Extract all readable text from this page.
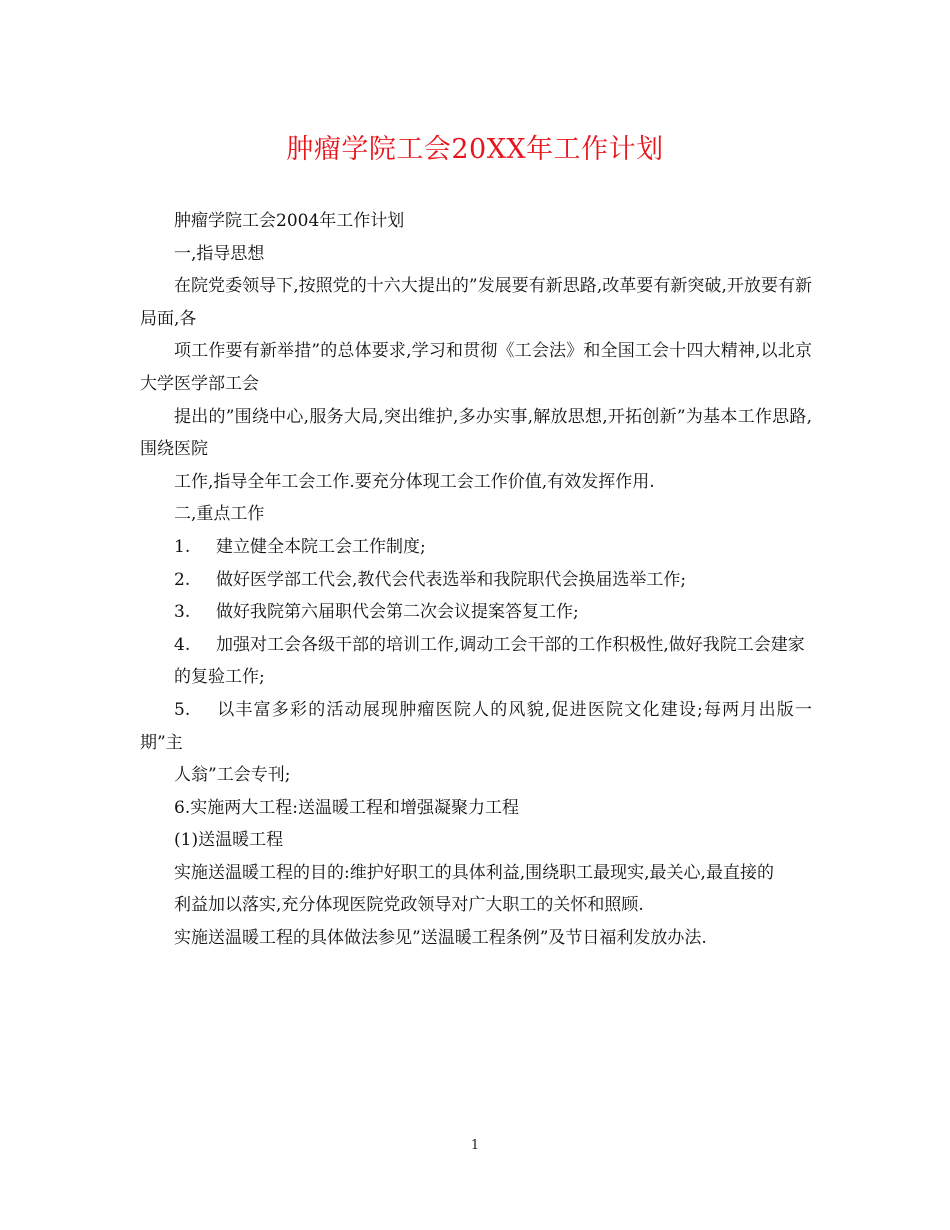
肿瘤学院工会20XX年工作计划

肿瘤学院工会2004年工作计划

一,指导思想

在院党委领导下,按照党的十六大提出的”发展要有新思路,改革要有新突破,开放要有新局面,各

项工作要有新举措”的总体要求,学习和贯彻《工会法》和全国工会十四大精神,以北京大学医学部工会

提出的”围绕中心,服务大局,突出维护,多办实事,解放思想,开拓创新”为基本工作思路,围绕医院

工作,指导全年工会工作.要充分体现工会工作价值,有效发挥作用.

二,重点工作

1. 建立健全本院工会工作制度;

2. 做好医学部工代会,教代会代表选举和我院职代会换届选举工作;

3. 做好我院第六届职代会第二次会议提案答复工作;

4. 加强对工会各级干部的培训工作,调动工会干部的工作积极性,做好我院工会建家

的复验工作;

5. 以丰富多彩的活动展现肿瘤医院人的风貌,促进医院文化建设;每两月出版一期”主

人翁”工会专刊;

6.实施两大工程:送温暖工程和增强凝聚力工程

(1)送温暖工程

实施送温暖工程的目的:维护好职工的具体利益,围绕职工最现实,最关心,最直接的

利益加以落实,充分体现医院党政领导对广大职工的关怀和照顾.

实施送温暖工程的具体做法参见”送温暖工程条例”及节日福利发放办法.

1
